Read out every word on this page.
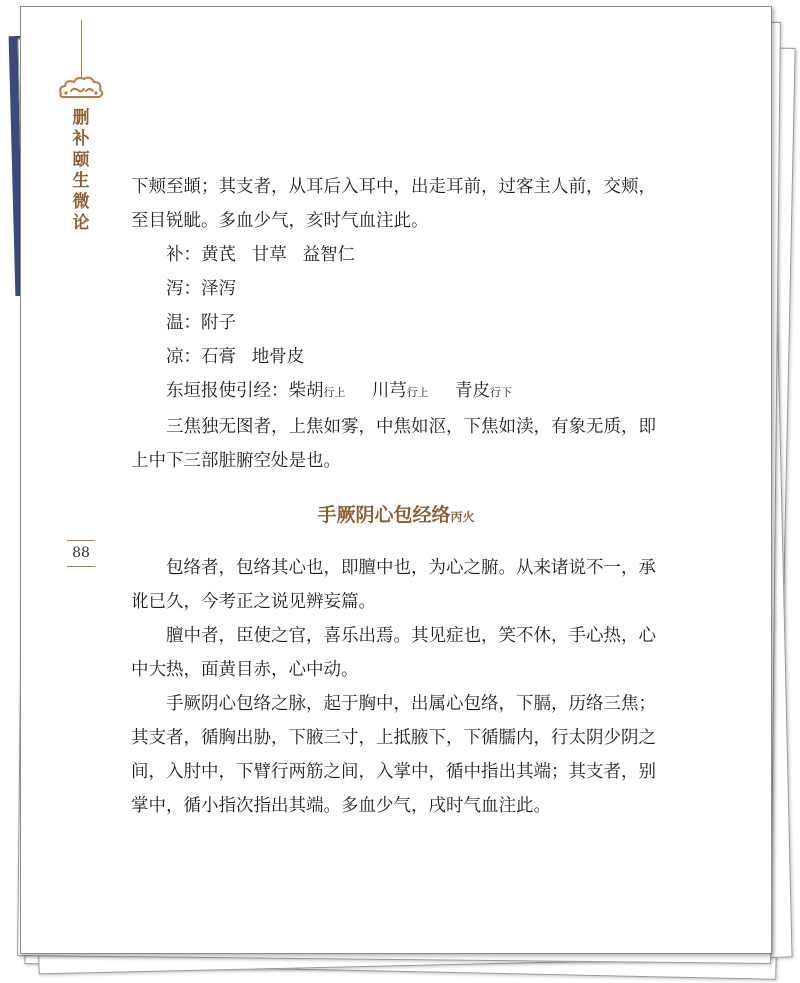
删补颐生微论
88

下颊至䪼；其支者，从耳后入耳中，出走耳前，过客主人前，交颊，至目锐眦。多血少气，亥时气血注此。

补：黄芪 甘草 益智仁

泻：泽泻

温：附子

凉：石膏 地骨皮

东垣报使引经：柴胡行上 川芎行上 青皮行下

三焦独无图者，上焦如雾，中焦如沤，下焦如渎，有象无质，即上中下三部脏腑空处是也。

手厥阴心包经络丙火

包络者，包络其心也，即膻中也，为心之腑。从来诸说不一，承讹已久，今考正之说见辨妄篇。

膻中者，臣使之官，喜乐出焉。其见症也，笑不休，手心热，心中大热，面黄目赤，心中动。

手厥阴心包络之脉，起于胸中，出属心包络，下膈，历络三焦；其支者，循胸出胁，下腋三寸，上抵腋下，下循臑内，行太阴少阴之间，入肘中，下臂行两筋之间，入掌中，循中指出其端；其支者，别掌中，循小指次指出其端。多血少气，戌时气血注此。
